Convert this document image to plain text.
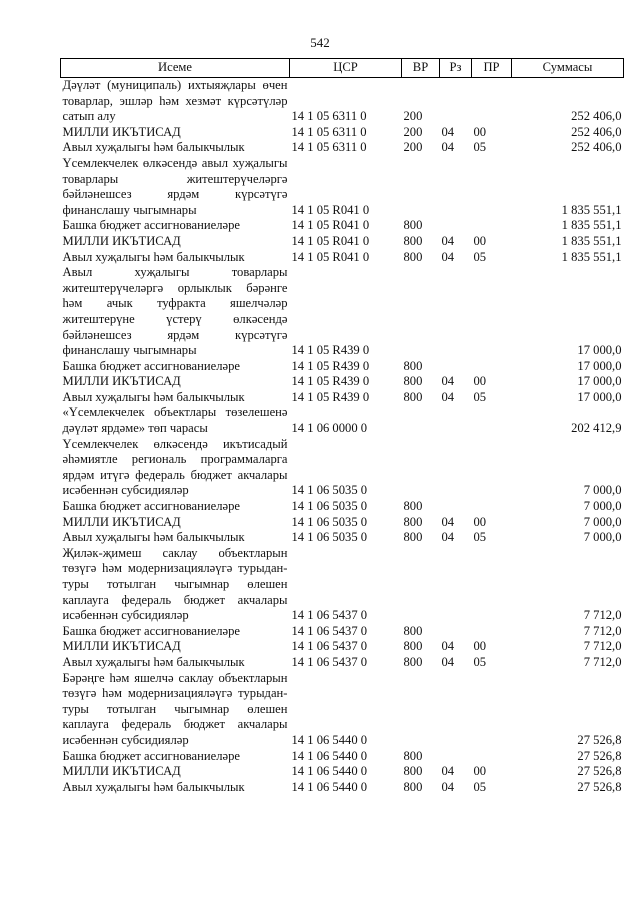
542
Исеме	ЦСР	ВР	Рз	ПР	Суммасы
Дәүләт (муниципаль) ихтыяҗлары өчен товарлар, эшләр һәм хезмәт күрсәтүләр сатып алу	14 1 05 6311 0	200			252 406,0
МИЛЛИ ИКЪТИСАД	14 1 05 6311 0	200	04	00	252 406,0
Авыл хуҗалыгы һәм балыкчылык	14 1 05 6311 0	200	04	05	252 406,0
Үсемлекчелек өлкәсендә авыл хуҗалыгы товарлары житештерүчеләргә бәйләнешсез ярдәм күрсәтүгә финанслашу чыгымнары	14 1 05 R041 0				1 835 551,1
Башка бюджет ассигнованиеләре	14 1 05 R041 0	800			1 835 551,1
МИЛЛИ ИКЪТИСАД	14 1 05 R041 0	800	04	00	1 835 551,1
Авыл хуҗалыгы һәм балыкчылык	14 1 05 R041 0	800	04	05	1 835 551,1
Авыл хуҗалыгы товарлары житештерүчеләргә орлыклык бәрәнге һәм ачык туфракта яшелчәләр житештерүне үстерү өлкәсендә бәйләнешсез ярдәм күрсәтүгә финанслашу чыгымнары	14 1 05 R439 0				17 000,0
Башка бюджет ассигнованиеләре	14 1 05 R439 0	800			17 000,0
МИЛЛИ ИКЪТИСАД	14 1 05 R439 0	800	04	00	17 000,0
Авыл хуҗалыгы һәм балыкчылык	14 1 05 R439 0	800	04	05	17 000,0
«Үсемлекчелек объектлары төзелешенә дәүләт ярдәме» төп чарасы	14 1 06 0000 0				202 412,9
Үсемлекчелек өлкәсендә икътисадый әһәмиятле региональ программаларга ярдәм итүгә федераль бюджет акчалары исәбеннән субсидияләр	14 1 06 5035 0				7 000,0
Башка бюджет ассигнованиеләре	14 1 06 5035 0	800			7 000,0
МИЛЛИ ИКЪТИСАД	14 1 06 5035 0	800	04	00	7 000,0
Авыл хуҗалыгы һәм балыкчылык	14 1 06 5035 0	800	04	05	7 000,0
Җиләк-җимеш саклау объектларын төзүгә һәм модернизацияләүгә турыдан-туры тотылган чыгымнар өлешен каплауга федераль бюджет акчалары исәбеннән субсидияләр	14 1 06 5437 0				7 712,0
Башка бюджет ассигнованиеләре	14 1 06 5437 0	800			7 712,0
МИЛЛИ ИКЪТИСАД	14 1 06 5437 0	800	04	00	7 712,0
Авыл хуҗалыгы һәм балыкчылык	14 1 06 5437 0	800	04	05	7 712,0
Бәрәңге һәм яшелчә саклау объектларын төзүгә һәм модернизацияләүгә турыдан-туры тотылган чыгымнар өлешен каплауга федераль бюджет акчалары исәбеннән субсидияләр	14 1 06 5440 0				27 526,8
Башка бюджет ассигнованиеләре	14 1 06 5440 0	800			27 526,8
МИЛЛИ ИКЪТИСАД	14 1 06 5440 0	800	04	00	27 526,8
Авыл хуҗалыгы һәм балыкчылык	14 1 06 5440 0	800	04	05	27 526,8
